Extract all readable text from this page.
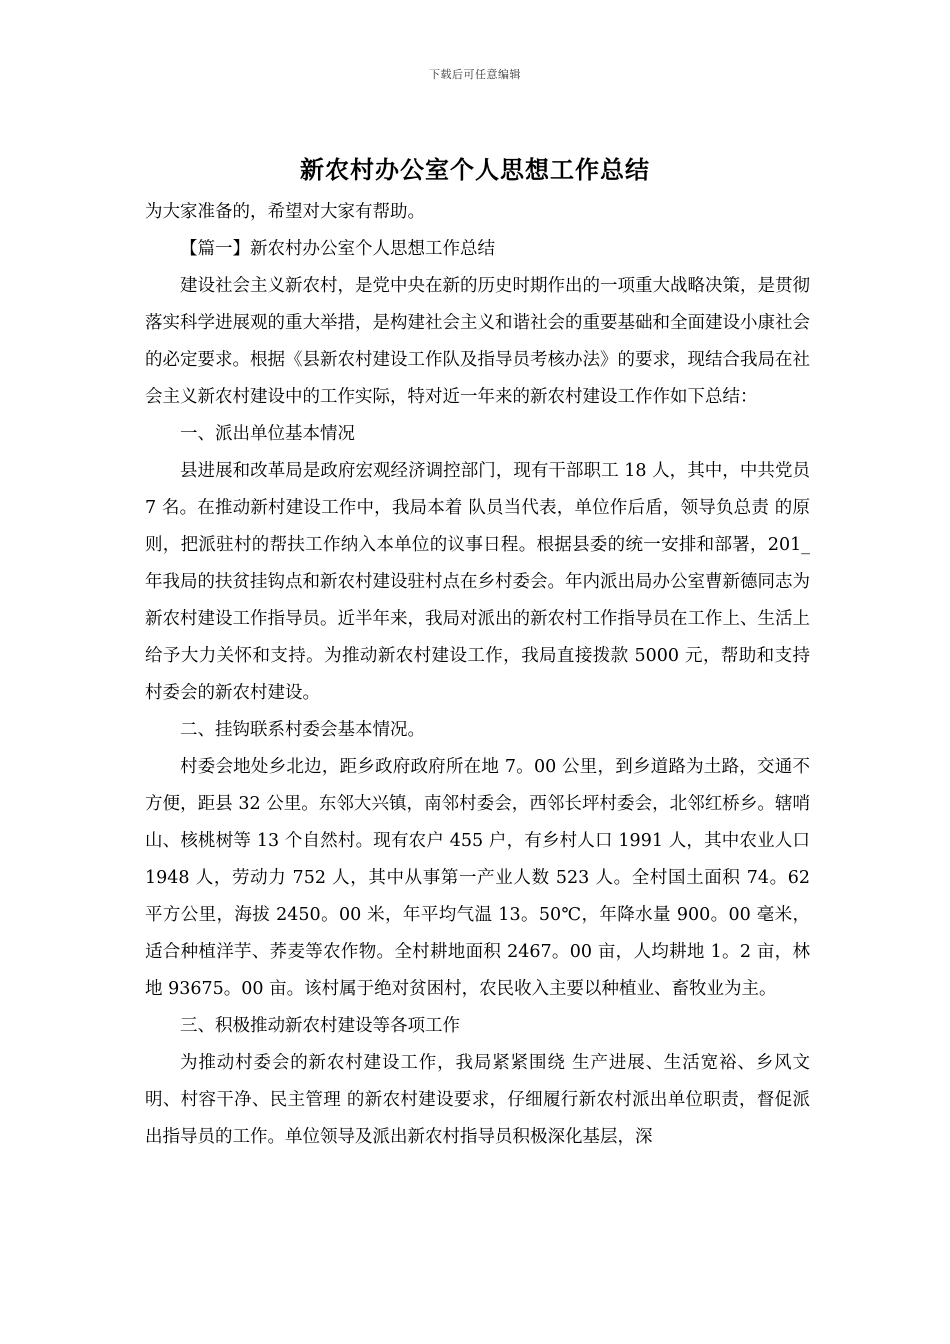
下载后可任意编辑
新农村办公室个人思想工作总结

为大家准备的，希望对大家有帮助。

【篇一】新农村办公室个人思想工作总结

建设社会主义新农村，是党中央在新的历史时期作出的一项重大战略决策，是贯彻落实科学进展观的重大举措，是构建社会主义和谐社会的重要基础和全面建设小康社会的必定要求。根据《县新农村建设工作队及指导员考核办法》的要求，现结合我局在社会主义新农村建设中的工作实际，特对近一年来的新农村建设工作作如下总结：

一、派出单位基本情况

县进展和改革局是政府宏观经济调控部门，现有干部职工 18 人，其中，中共党员 7 名。在推动新村建设工作中，我局本着 队员当代表，单位作后盾，领导负总责 的原则，把派驻村的帮扶工作纳入本单位的议事日程。根据县委的统一安排和部署，201_年我局的扶贫挂钩点和新农村建设驻村点在乡村委会。年内派出局办公室曹新德同志为新农村建设工作指导员。近半年来，我局对派出的新农村工作指导员在工作上、生活上给予大力关怀和支持。为推动新农村建设工作，我局直接拨款 5000 元，帮助和支持村委会的新农村建设。

二、挂钩联系村委会基本情况。

村委会地处乡北边，距乡政府政府所在地 7。00 公里，到乡道路为土路，交通不方便，距县 32 公里。东邻大兴镇，南邻村委会，西邻长坪村委会，北邻红桥乡。辖哨山、核桃树等 13 个自然村。现有农户 455 户，有乡村人口 1991 人，其中农业人口 1948 人，劳动力 752 人，其中从事第一产业人数 523 人。全村国土面积 74。62 平方公里，海拔 2450。00 米，年平均气温 13。50℃，年降水量 900。00 毫米，适合种植洋芋、荞麦等农作物。全村耕地面积 2467。00 亩，人均耕地 1。2 亩，林地 93675。00 亩。该村属于绝对贫困村，农民收入主要以种植业、畜牧业为主。

三、积极推动新农村建设等各项工作

为推动村委会的新农村建设工作，我局紧紧围绕 生产进展、生活宽裕、乡风文明、村容干净、民主管理 的新农村建设要求，仔细履行新农村派出单位职责，督促派出指导员的工作。单位领导及派出新农村指导员积极深化基层，深
